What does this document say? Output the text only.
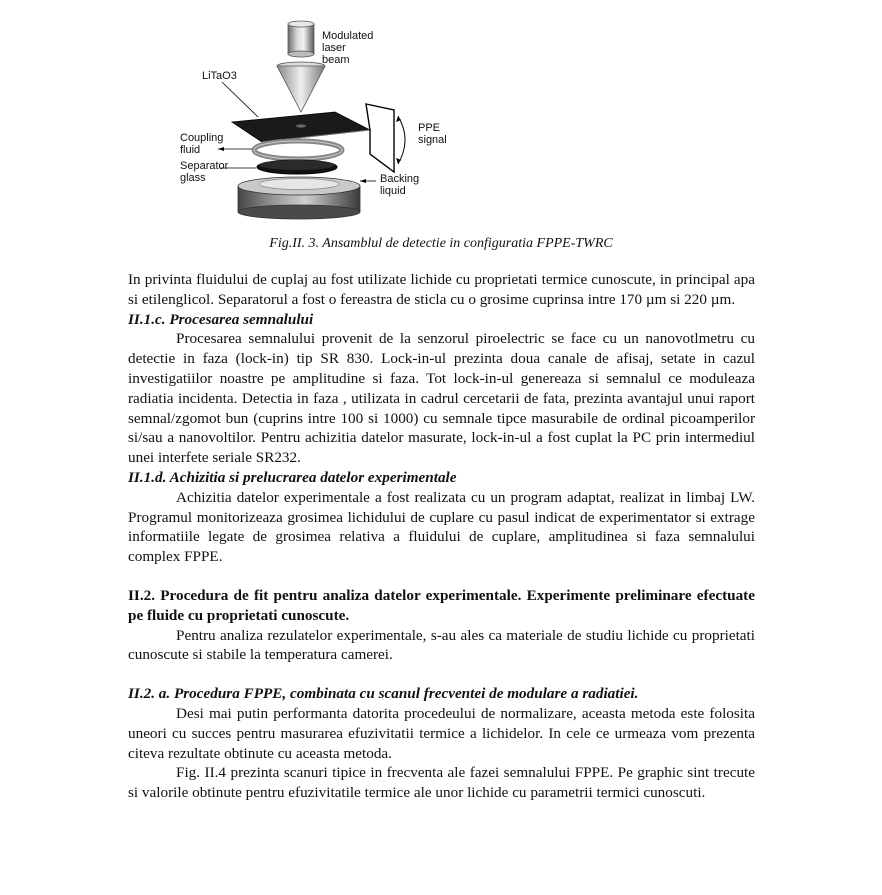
Modulated
laser
beam
LiTaO3
Coupling
fluid
Separator
glass
PPE
signal
Backing
liquid
Fig.II. 3. Ansamblul de detectie in configuratia FPPE-TWRC

In privinta fluidului de cuplaj au fost utilizate lichide cu proprietati termice cunoscute, in principal apa si etilenglicol. Separatorul a fost o fereastra de sticla cu o grosime cuprinsa intre 170 µm si 220 µm.

II.1.c. Procesarea semnalului

Procesarea semnalului provenit de la senzorul piroelectric se face cu un nanovotlmetru cu detectie in faza (lock-in) tip SR 830. Lock-in-ul prezinta doua canale de afisaj, setate in cazul investigatiilor noastre pe amplitudine si faza. Tot lock-in-ul genereaza si semnalul ce moduleaza radiatia incidenta. Detectia in faza , utilizata in cadrul cercetarii de fata, prezinta avantajul unui raport semnal/zgomot bun (cuprins intre 100 si 1000) cu semnale tipce masurabile de ordinal picoamperilor si/sau a nanovoltilor. Pentru achizitia datelor masurate, lock-in-ul a fost cuplat la PC prin intermediul unei interfete seriale SR232.

II.1.d. Achizitia si prelucrarea datelor experimentale

Achizitia datelor experimentale a fost realizata cu un program adaptat, realizat in limbaj LW. Programul monitorizeaza grosimea lichidului de cuplare cu pasul indicat de experimentator si extrage informatiile legate de grosimea relativa a fluidului de cuplare, amplitudinea si faza semnalului complex FPPE.

II.2. Procedura de fit pentru analiza datelor experimentale. Experimente preliminare efectuate pe fluide cu proprietati cunoscute.

Pentru analiza rezulatelor experimentale, s-au ales ca materiale de studiu lichide cu proprietati cunoscute si stabile la temperatura camerei.

II.2. a. Procedura FPPE, combinata cu scanul frecventei de modulare a radiatiei.

Desi mai putin performanta datorita procedeului de normalizare, aceasta metoda este folosita uneori cu succes pentru masurarea efuzivitatii termice a lichidelor. In cele ce urmeaza vom prezenta citeva rezultate obtinute cu aceasta metoda.

Fig. II.4 prezinta scanuri tipice in frecventa ale fazei semnalului FPPE. Pe graphic sint trecute si valorile obtinute pentru efuzivitatile termice ale unor lichide cu parametrii termici cunoscuti.
